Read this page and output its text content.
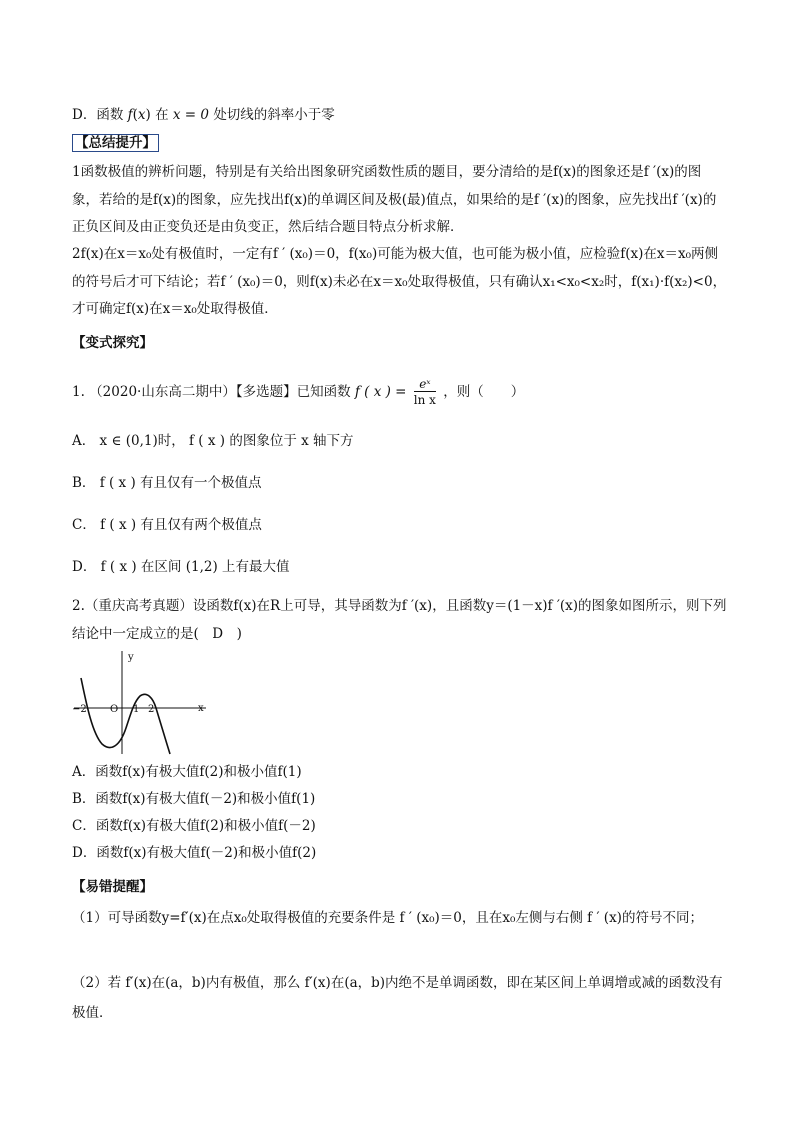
D．函数 f(x) 在 x = 0 处切线的斜率小于零
【总结提升】
1函数极值的辨析问题，特别是有关给出图象研究函数性质的题目，要分清给的是f(x)的图象还是f ′(x)的图象，若给的是f(x)的图象，应先找出f(x)的单调区间及极(最)值点，如果给的是f ′(x)的图象，应先找出f ′(x)的正负区间及由正变负还是由负变正，然后结合题目特点分析求解．
2f(x)在x＝x₀处有极值时，一定有f ′ (x₀)＝0，f(x₀)可能为极大值，也可能为极小值，应检验f(x)在x＝x₀两侧的符号后才可下结论；若f ′ (x₀)＝0，则f(x)未必在x＝x₀处取得极值，只有确认x₁<x₀<x₂时，f(x₁)·f(x₂)<0，才可确定f(x)在x＝x₀处取得极值．
【变式探究】
1. （2020·山东高二期中）【多选题】已知函数 f ( x ) = $\frac{\text{eˣ}}{\text{ln x}}$ ，则（　　）
A． x ∈ (0,1)时， f ( x ) 的图象位于 x 轴下方
B． f ( x ) 有且仅有一个极值点
C． f ( x ) 有且仅有两个极值点
D． f ( x ) 在区间 (1,2) 上有最大值
2.（重庆高考真题）设函数f(x)在R上可导，其导函数为f ′(x)，且函数y＝(1－x)f ′(x)的图象如图所示，则下列结论中一定成立的是(　D　)
y
x
O
−2	1 2
A．函数f(x)有极大值f(2)和极小值f(1)
B．函数f(x)有极大值f(－2)和极小值f(1)
C．函数f(x)有极大值f(2)和极小值f(－2)
D．函数f(x)有极大值f(－2)和极小值f(2)
【易错提醒】
（1）可导函数y=f′(x)在点x₀处取得极值的充要条件是 f ′ (x₀)＝0，且在x₀左侧与右侧 f ′ (x)的符号不同；
（2）若 f′(x)在(a，b)内有极值，那么 f′(x)在(a，b)内绝不是单调函数，即在某区间上单调增或减的函数没有极值．
